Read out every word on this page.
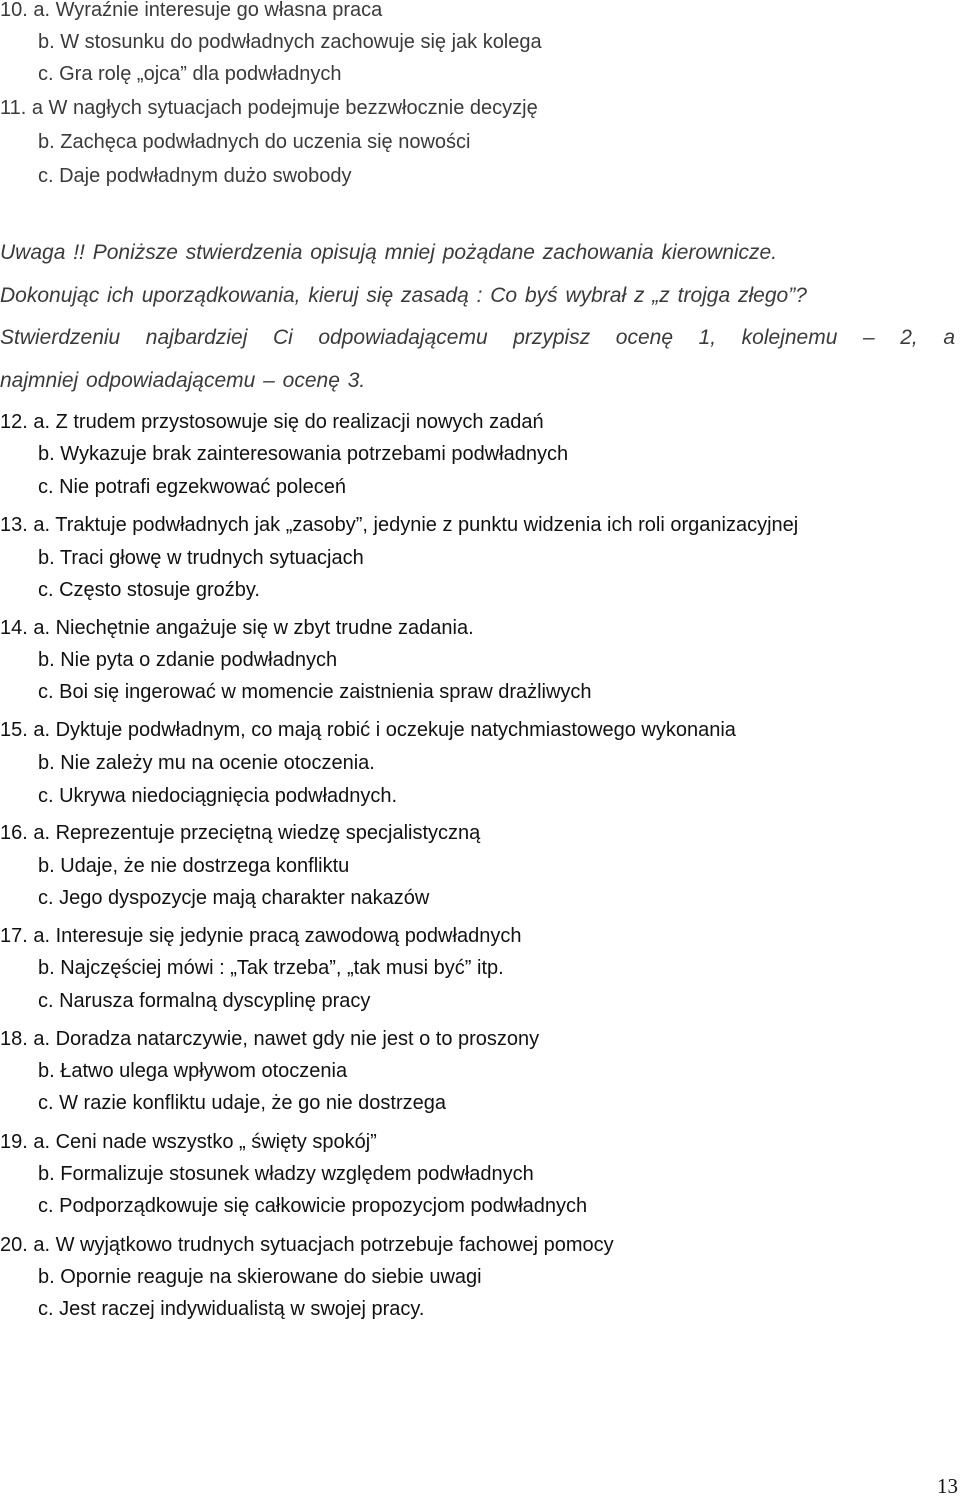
10. a. Wyraźnie interesuje go własna praca
b. W stosunku do podwładnych zachowuje się jak kolega
c. Gra rolę „ojca” dla podwładnych
11. a W nagłych sytuacjach podejmuje bezzwłocznie decyzję
b. Zachęca podwładnych do uczenia się nowości
c. Daje podwładnym dużo swobody
Uwaga !! Poniższe stwierdzenia opisują mniej pożądane zachowania kierownicze.
Dokonując ich uporządkowania, kieruj się zasadą : Co byś wybrał z „z trojga złego”?
Stwierdzeniu najbardziej Ci odpowiadającemu przypisz ocenę 1, kolejnemu – 2, a
najmniej odpowiadającemu – ocenę 3.
12. a. Z trudem przystosowuje się do realizacji nowych zadań
b. Wykazuje brak zainteresowania potrzebami podwładnych
c. Nie potrafi egzekwować poleceń
13. a. Traktuje podwładnych jak „zasoby”, jedynie z punktu widzenia ich roli organizacyjnej
b. Traci głowę w trudnych sytuacjach
c. Często stosuje groźby.
14. a. Niechętnie angażuje się w zbyt trudne zadania.
b. Nie pyta o zdanie podwładnych
c. Boi się ingerować w momencie zaistnienia spraw drażliwych
15. a. Dyktuje podwładnym, co mają robić i oczekuje natychmiastowego wykonania
b. Nie zależy mu na ocenie otoczenia.
c. Ukrywa niedociągnięcia podwładnych.
16. a. Reprezentuje przeciętną wiedzę specjalistyczną
b. Udaje, że nie dostrzega konfliktu
c. Jego dyspozycje mają charakter nakazów
17. a. Interesuje się jedynie pracą zawodową podwładnych
b. Najczęściej mówi : „Tak trzeba”, „tak musi być” itp.
c. Narusza formalną dyscyplinę pracy
18. a. Doradza natarczywie, nawet gdy nie jest o to proszony
b. Łatwo ulega wpływom otoczenia
c. W razie konfliktu udaje, że go nie dostrzega
19. a. Ceni nade wszystko „ święty spokój”
b. Formalizuje stosunek władzy względem podwładnych
c. Podporządkowuje się całkowicie propozycjom podwładnych
20. a. W wyjątkowo trudnych sytuacjach potrzebuje fachowej pomocy
b. Opornie reaguje na skierowane do siebie uwagi
c. Jest raczej indywidualistą w swojej pracy.
13
